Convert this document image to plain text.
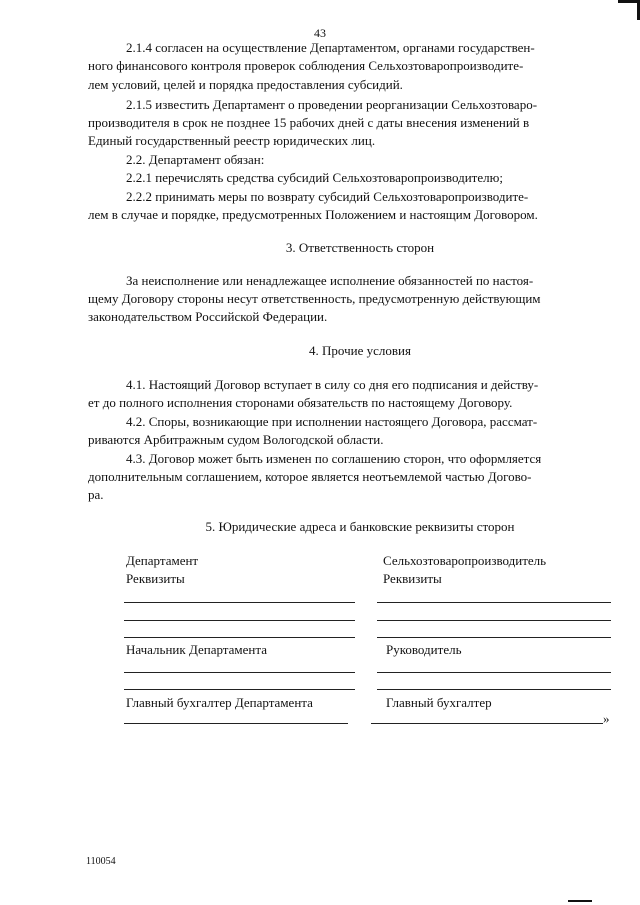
43
2.1.4 согласен на осуществление Департаментом, органами государствен-
ного финансового контроля проверок соблюдения Сельхозтоваропроизводите-
лем условий, целей и порядка предоставления субсидий.
2.1.5 известить Департамент о проведении реорганизации Сельхозтоваро-
производителя в срок не позднее 15 рабочих дней с даты внесения изменений в
Единый государственный реестр юридических лиц.
2.2. Департамент обязан:
2.2.1 перечислять средства субсидий Сельхозтоваропроизводителю;
2.2.2 принимать меры по возврату субсидий Сельхозтоваропроизводите-
лем в случае и порядке, предусмотренных Положением и настоящим Договором.
3. Ответственность сторон
За неисполнение или ненадлежащее исполнение обязанностей по настоя-
щему Договору стороны несут ответственность, предусмотренную действующим
законодательством Российской Федерации.
4. Прочие условия
4.1. Настоящий Договор вступает в силу со дня его подписания и действу-
ет до полного исполнения сторонами обязательств по настоящему Договору.
4.2. Споры, возникающие при исполнении настоящего Договора, рассмат-
риваются Арбитражным судом Вологодской области.
4.3. Договор может быть изменен по соглашению сторон, что оформляется
дополнительным соглашением, которое является неотъемлемой частью Догово-
ра.
5. Юридические адреса и банковские реквизиты сторон
Департамент
Реквизиты
Сельхозтоваропроизводитель
Реквизиты
Начальник Департамента	Руководитель
Главный бухгалтер Департамента	Главный бухгалтер
»
110054
